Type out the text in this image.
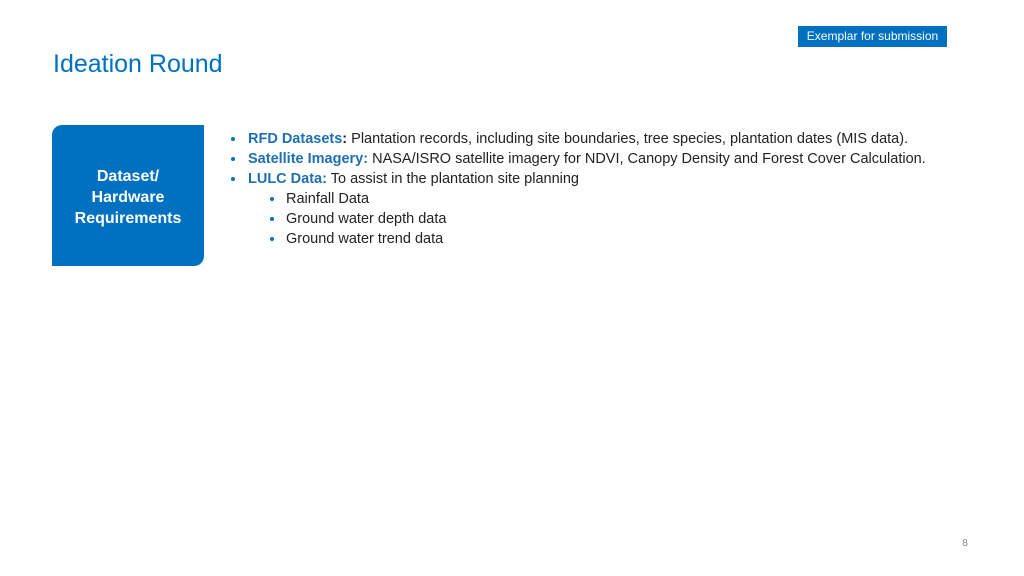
Exemplar for submission
Ideation Round
Dataset/
Hardware
Requirements
RFD Datasets: Plantation records, including site boundaries, tree species, plantation dates (MIS data).
Satellite Imagery: NASA/ISRO satellite imagery for NDVI, Canopy Density and Forest Cover Calculation.
LULC Data: To assist in the plantation site planning
Rainfall Data
Ground water depth data
Ground water trend data
8
